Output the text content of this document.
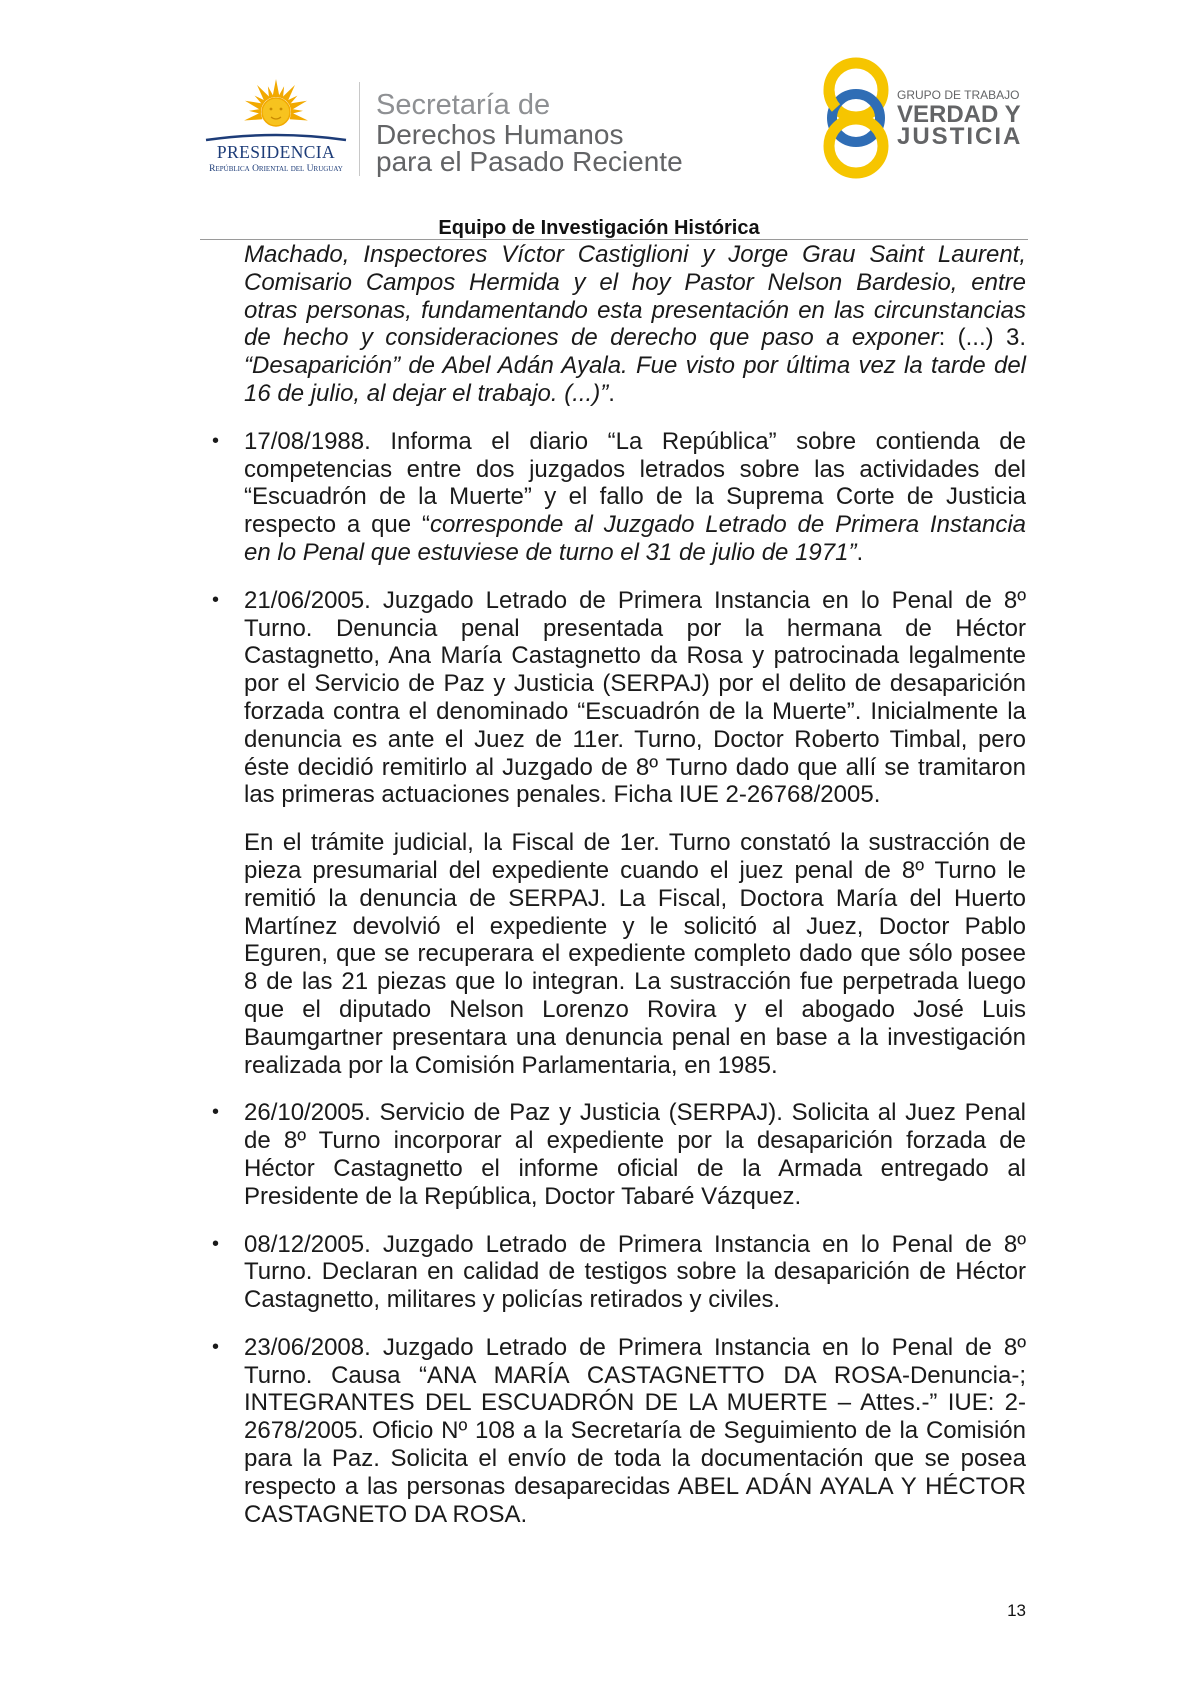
PRESIDENCIA
República Oriental del Uruguay
Secretaría de
Derechos Humanos
para el Pasado Reciente
GRUPO DE TRABAJO
VERDAD Y
JUSTICIA
Equipo de Investigación Histórica
Machado, Inspectores Víctor Castiglioni y Jorge Grau Saint Laurent,
Comisario Campos Hermida y el hoy Pastor Nelson Bardesio, entre
otras personas, fundamentando esta presentación en las circunstancias
de hecho y consideraciones de derecho que paso a exponer: (...) 3.
“Desaparición” de Abel Adán Ayala. Fue visto por última vez la tarde del
16 de julio, al dejar el trabajo. (...)”.
• 17/08/1988. Informa el diario “La República” sobre contienda de
competencias entre dos juzgados letrados sobre las actividades del
“Escuadrón de la Muerte” y el fallo de la Suprema Corte de Justicia
respecto a que “corresponde al Juzgado Letrado de Primera Instancia
en lo Penal que estuviese de turno el 31 de julio de 1971”.
• 21/06/2005. Juzgado Letrado de Primera Instancia en lo Penal de 8º
Turno. Denuncia penal presentada por la hermana de Héctor
Castagnetto, Ana María Castagnetto da Rosa y patrocinada legalmente
por el Servicio de Paz y Justicia (SERPAJ) por el delito de desaparición
forzada contra el denominado “Escuadrón de la Muerte”. Inicialmente la
denuncia es ante el Juez de 11er. Turno, Doctor Roberto Timbal, pero
éste decidió remitirlo al Juzgado de 8º Turno dado que allí se tramitaron
las primeras actuaciones penales. Ficha IUE 2-26768/2005.
En el trámite judicial, la Fiscal de 1er. Turno constató la sustracción de
pieza presumarial del expediente cuando el juez penal de 8º Turno le
remitió la denuncia de SERPAJ. La Fiscal, Doctora María del Huerto
Martínez devolvió el expediente y le solicitó al Juez, Doctor Pablo
Eguren, que se recuperara el expediente completo dado que sólo posee
8 de las 21 piezas que lo integran. La sustracción fue perpetrada luego
que el diputado Nelson Lorenzo Rovira y el abogado José Luis
Baumgartner presentara una denuncia penal en base a la investigación
realizada por la Comisión Parlamentaria, en 1985.
• 26/10/2005. Servicio de Paz y Justicia (SERPAJ). Solicita al Juez Penal
de 8º Turno incorporar al expediente por la desaparición forzada de
Héctor Castagnetto el informe oficial de la Armada entregado al
Presidente de la República, Doctor Tabaré Vázquez.
• 08/12/2005. Juzgado Letrado de Primera Instancia en lo Penal de 8º
Turno. Declaran en calidad de testigos sobre la desaparición de Héctor
Castagnetto, militares y policías retirados y civiles.
• 23/06/2008. Juzgado Letrado de Primera Instancia en lo Penal de 8º
Turno. Causa “ANA MARÍA CASTAGNETTO DA ROSA-Denuncia-;
INTEGRANTES DEL ESCUADRÓN DE LA MUERTE – Attes.-” IUE: 2-
2678/2005. Oficio Nº 108 a la Secretaría de Seguimiento de la Comisión
para la Paz. Solicita el envío de toda la documentación que se posea
respecto a las personas desaparecidas ABEL ADÁN AYALA Y HÉCTOR
CASTAGNETO DA ROSA.
13
